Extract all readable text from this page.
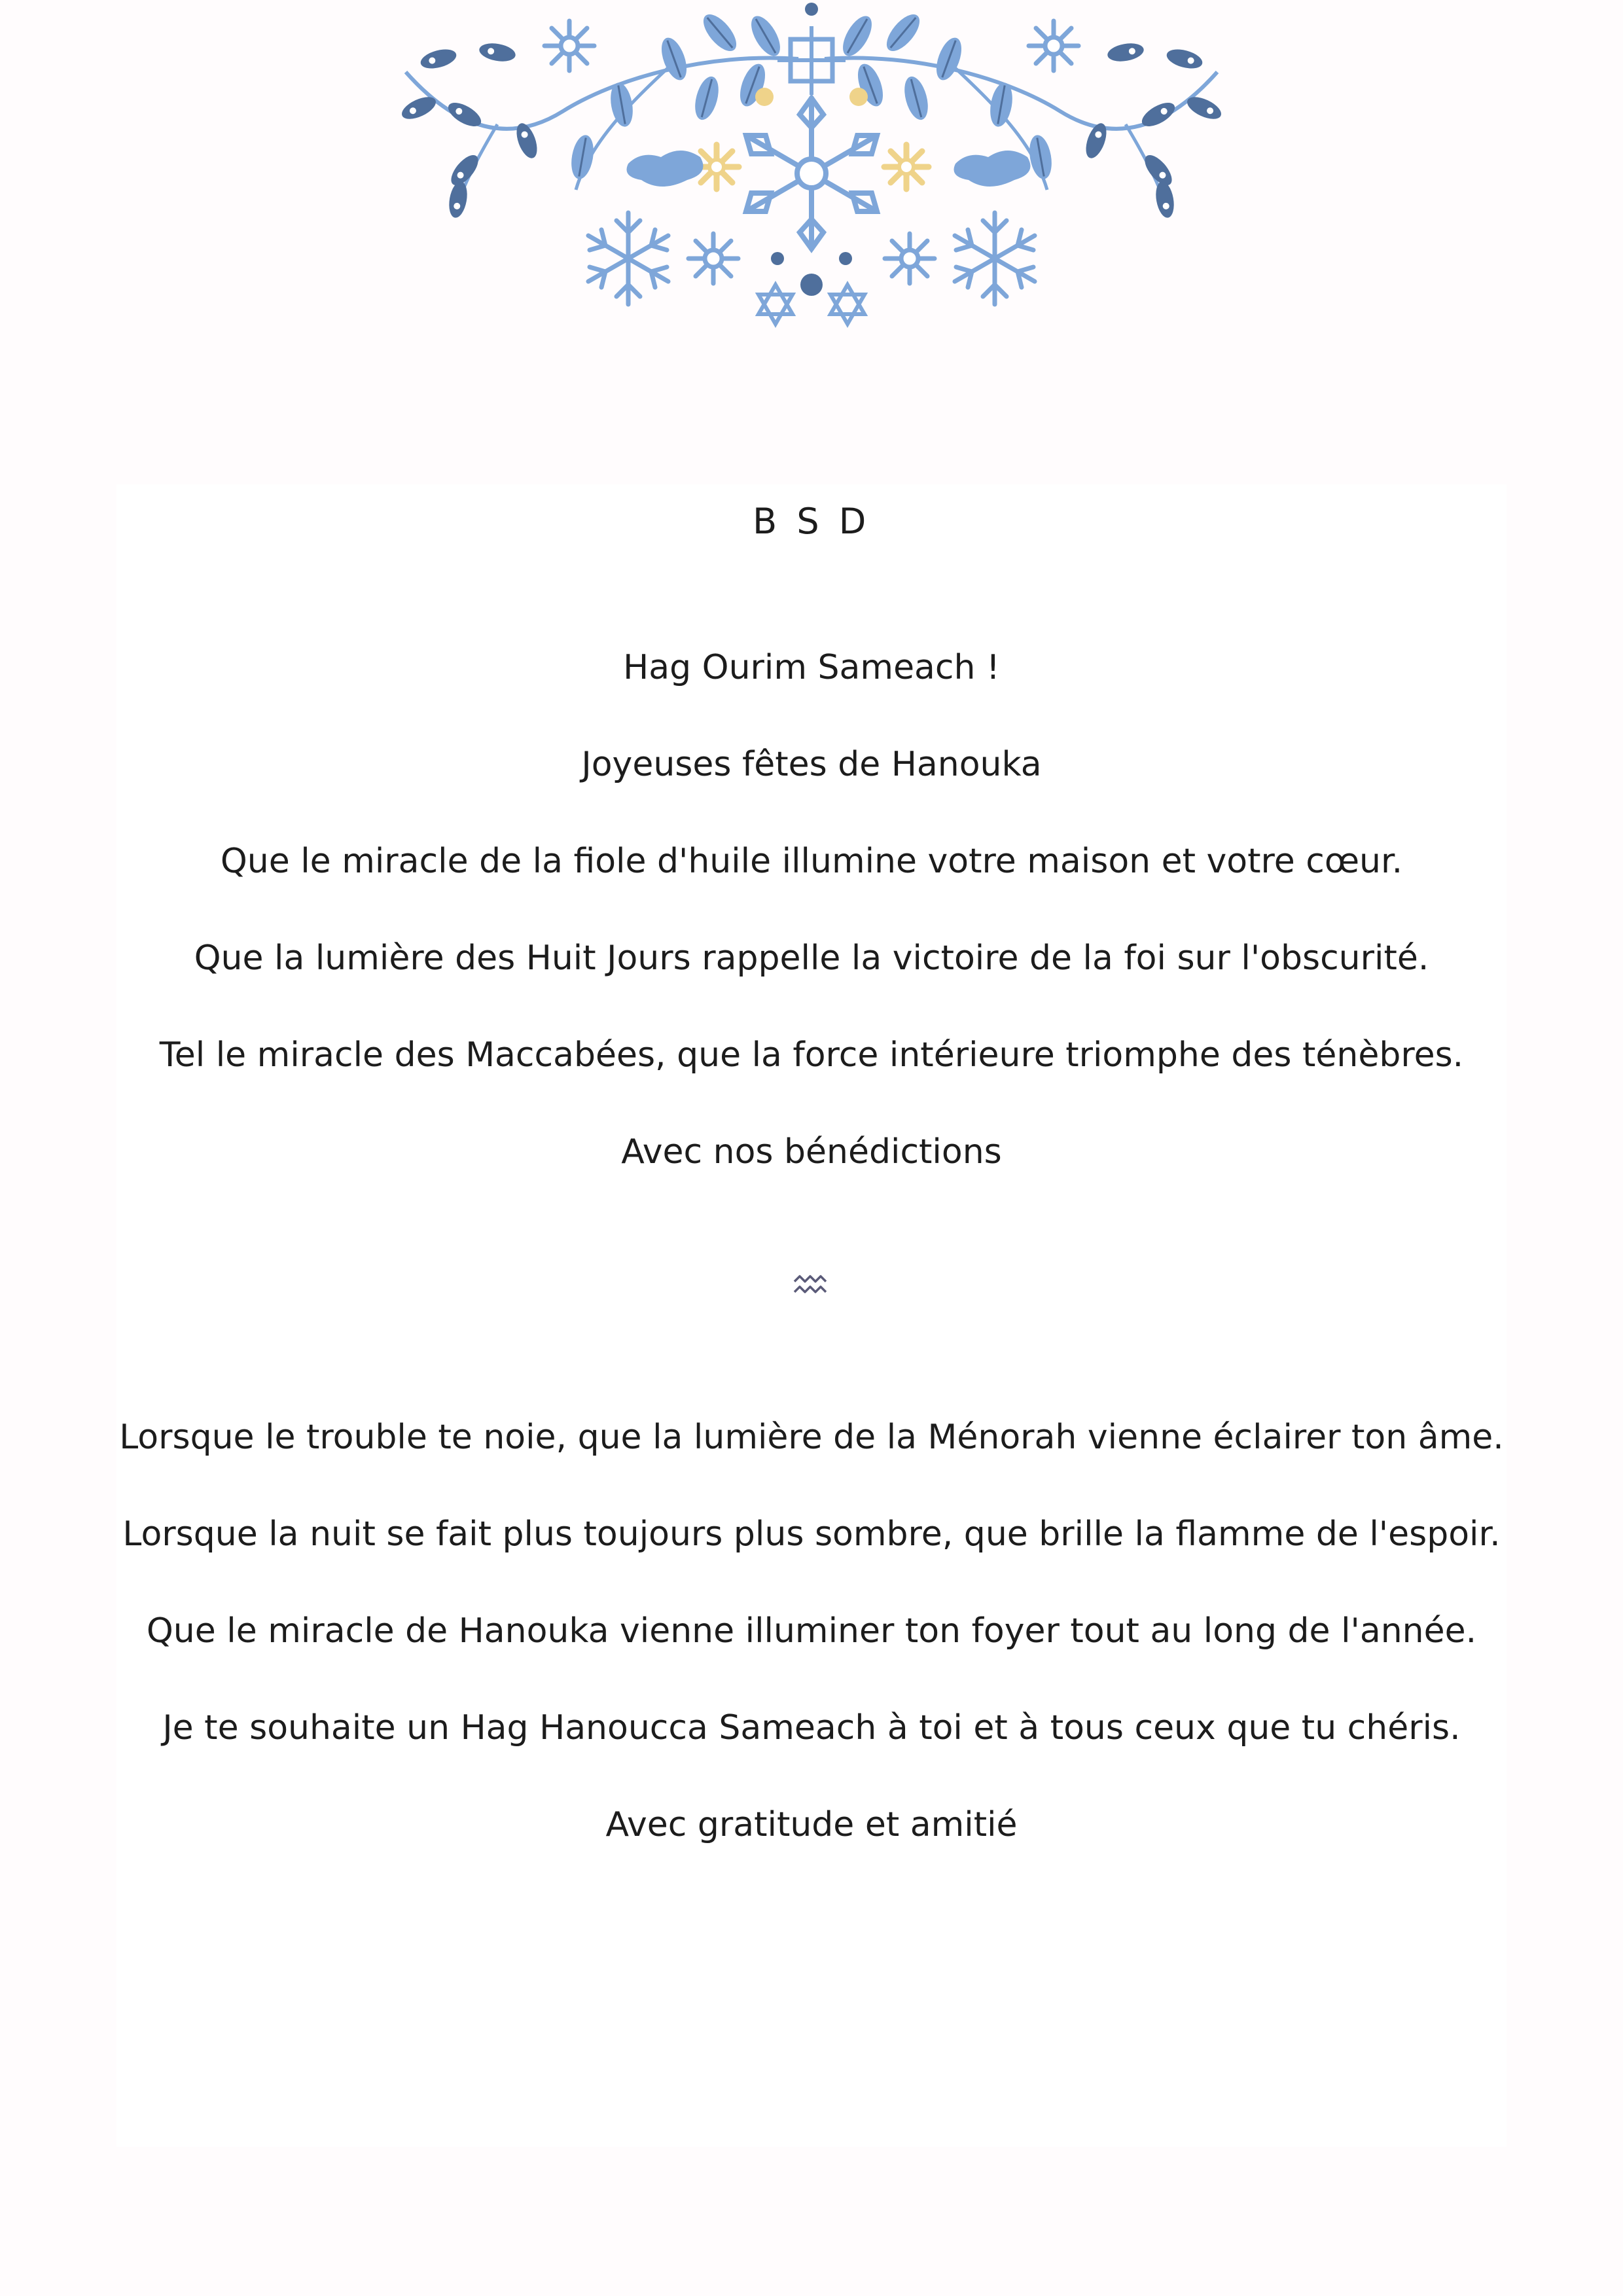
B S D
Hag Ourim Sameach !
Joyeuses fêtes de Hanouka
Que le miracle de la fiole d'huile illumine votre maison et votre cœur.
Que la lumière des Huit Jours rappelle la victoire de la foi sur l'obscurité.
Tel le miracle des Maccabées, que la force intérieure triomphe des ténèbres.
Avec nos bénédictions
Lorsque le trouble te noie, que la lumière de la Ménorah vienne éclairer ton âme.
Lorsque la nuit se fait plus toujours plus sombre, que brille la flamme de l'espoir.
Que le miracle de Hanouka vienne illuminer ton foyer tout au long de l'année.
Je te souhaite un Hag Hanoucca Sameach à toi et à tous ceux que tu chéris.
Avec gratitude et amitié
